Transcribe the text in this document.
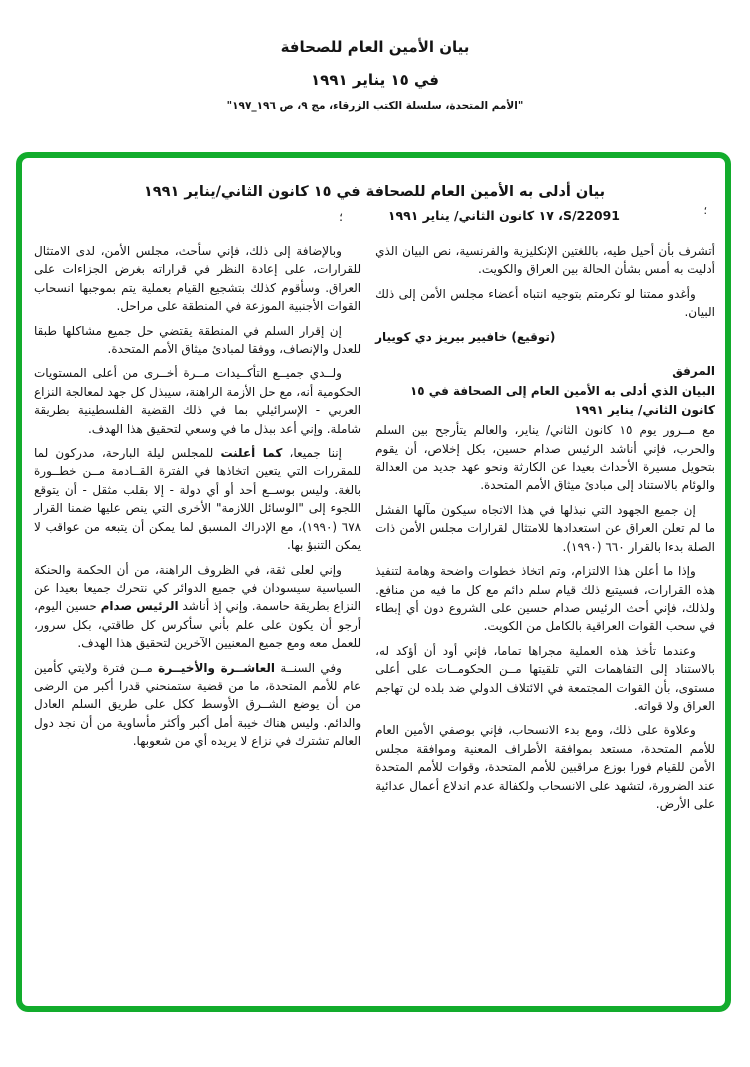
بيان الأمين العام للصحافة
في ١٥ يناير ١٩٩١
"الأمم المتحدة، سلسلة الكتب الزرقاء، مج ٩، ص ١٩٦_١٩٧"
بيان أدلى به الأمين العام للصحافة في ١٥ كانون الثاني/يناير ١٩٩١
؛
S/22091، ١٧ كانون الثاني/ يناير ١٩٩١
؛
أتشرف بأن أحيل طيه، باللغتين الإنكليزية والفرنسية، نص البيان الذي أدليت به أمس بشأن الحالة بين العراق والكويت.
وأغدو ممتنا لو تكرمتم بتوجيه انتباه أعضاء مجلس الأمن إلى ذلك البيان.
(توقيع) خافيير بيريز دي كوييار
المرفق
البيان الذي أدلى به الأمين العام إلى الصحافة في ١٥ كانون الثاني/ يناير ١٩٩١
مع مــرور يوم ١٥ كانون الثاني/ يناير، والعالم يتأرجح بين السلم والحرب، فإني أناشد الرئيس صدام حسين، بكل إخلاص، أن يقوم بتحويل مسيرة الأحداث بعيدا عن الكارثة ونحو عهد جديد من العدالة والوئام بالاستناد إلى مبادئ ميثاق الأمم المتحدة.
إن جميع الجهود التي نبذلها في هذا الاتجاه سيكون مآلها الفشل ما لم تعلن العراق عن استعدادها للامتثال لقرارات مجلس الأمن ذات الصلة بدءا بالقرار ٦٦٠ (١٩٩٠).
وإذا ما أعلن هذا الالتزام، وتم اتخاذ خطوات واضحة وهامة لتنفيذ هذه القرارات، فسيتبع ذلك قيام سلم دائم مع كل ما فيه من منافع. ولذلك، فإني أحث الرئيس صدام حسين على الشروع دون أي إبطاء في سحب القوات العراقية بالكامل من الكويت.
وعندما تأخذ هذه العملية مجراها تماما، فإني أود أن أؤكد له، بالاستناد إلى التفاهمات التي تلقيتها مــن الحكومــات على أعلى مستوى، بأن القوات المجتمعة في الائتلاف الدولي ضد بلده لن تهاجم العراق ولا قواته.
وعلاوة على ذلك، ومع بدء الانسحاب، فإني بوصفي الأمين العام للأمم المتحدة، مستعد بموافقة الأطراف المعنية وموافقة مجلس الأمن للقيام فورا بوزع مراقبين للأمم المتحدة، وقوات للأمم المتحدة عند الضرورة، لتشهد على الانسحاب ولكفالة عدم اندلاع أعمال عدائية على الأرض.
وبالإضافة إلى ذلك، فإني سأحث، مجلس الأمن، لدى الامتثال للقرارات، على إعادة النظر في قراراته بغرض الجزاءات على العراق. وسأقوم كذلك بتشجيع القيام بعملية يتم بموجبها انسحاب القوات الأجنبية الموزعة في المنطقة على مراحل.
إن إقرار السلم في المنطقة يقتضي حل جميع مشاكلها طبقا للعدل والإنصاف، ووفقا لمبادئ ميثاق الأمم المتحدة.
ولــدي جميــع التأكــيدات مــرة أخــرى من أعلى المستويات الحكومية أنه، مع حل الأزمة الراهنة، سيبذل كل جهد لمعالجة النزاع العربي - الإسرائيلي بما في ذلك القضية الفلسطينية بطريقة شاملة. وإني أعد ببذل ما في وسعي لتحقيق هذا الهدف.
إننا جميعا، كما أعلنت للمجلس ليلة البارحة، مدركون لما للمقررات التي يتعين اتخاذها في الفترة القــادمة مــن خطــورة بالغة. وليس بوســع أحد أو أي دولة - إلا بقلب مثقل - أن يتوقع اللجوء إلى "الوسائل اللازمة" الأخرى التي ينص عليها ضمنا القرار ٦٧٨ (١٩٩٠)، مع الإدراك المسبق لما يمكن أن يتبعه من عواقب لا يمكن التنبؤ بها.
وإني لعلى ثقة، في الظروف الراهنة، من أن الحكمة والحنكة السياسية سيسودان في جميع الدوائر كي نتحرك جميعا بعيدا عن النزاع بطريقة حاسمة. وإني إذ أناشد الرئيس صدام حسين اليوم، أرجو أن يكون على علم بأني سأكرس كل طاقتي، بكل سرور، للعمل معه ومع جميع المعنيين الآخرين لتحقيق هذا الهدف.
وفي السنــة العاشــرة والأخيــرة مــن فترة ولايتي كأمين عام للأمم المتحدة، ما من قضية ستمنحني قدرا أكبر من الرضى من أن يوضع الشــرق الأوسط ككل على طريق السلم العادل والدائم. وليس هناك خيبة أمل أكبر وأكثر مأساوية من أن نجد دول العالم تشترك في نزاع لا يريده أي من شعوبها.
